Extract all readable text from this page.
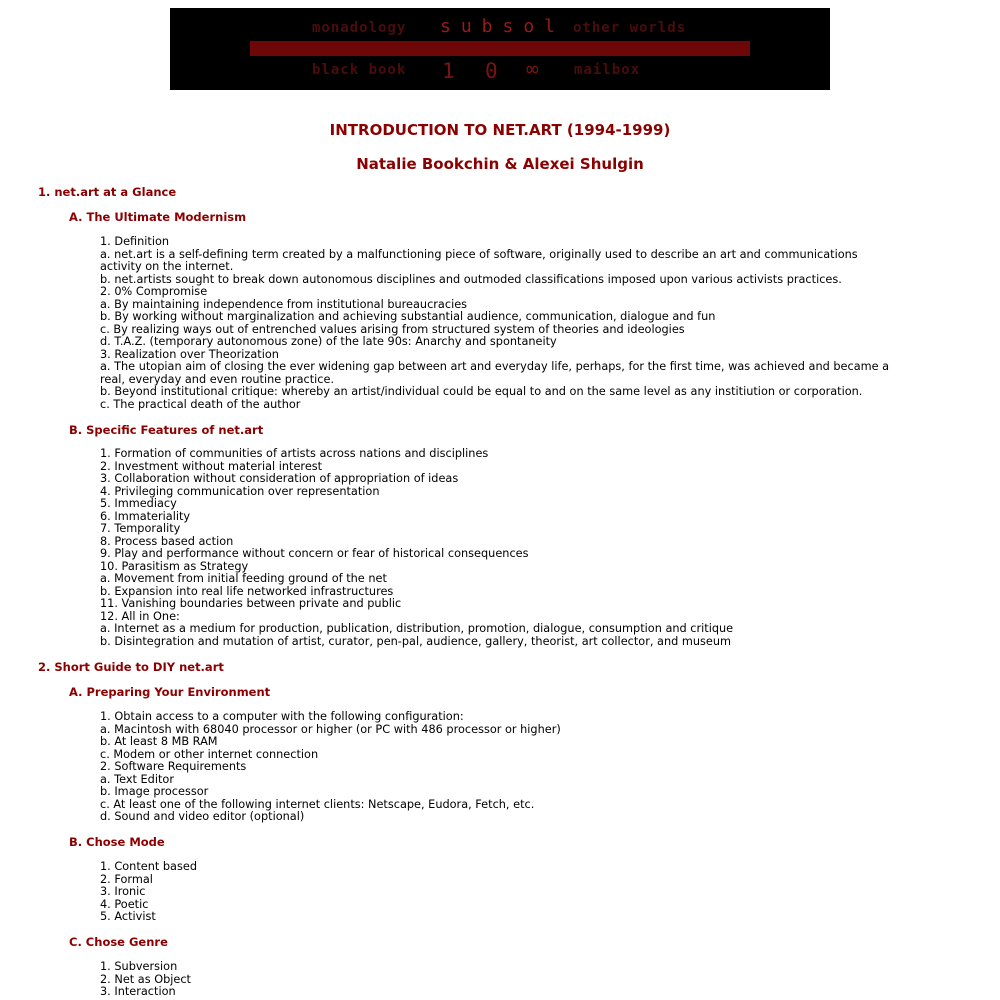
monadology subsol other worlds
black book 1 0 ∞	mailbox
INTRODUCTION TO NET.ART (1994-1999)
Natalie Bookchin & Alexei Shulgin
1. net.art at a Glance
A. The Ultimate Modernism
1. Definition
a. net.art is a self-defining term created by a malfunctioning piece of software, originally used to describe an art and communications activity on the internet.
b. net.artists sought to break down autonomous disciplines and outmoded classifications imposed upon various activists practices.
2. 0% Compromise
a. By maintaining independence from institutional bureaucracies
b. By working without marginalization and achieving substantial audience, communication, dialogue and fun
c. By realizing ways out of entrenched values arising from structured system of theories and ideologies
d. T.A.Z. (temporary autonomous zone) of the late 90s: Anarchy and spontaneity
3. Realization over Theorization
a. The utopian aim of closing the ever widening gap between art and everyday life, perhaps, for the first time, was achieved and became a real, everyday and even routine practice.
b. Beyond institutional critique: whereby an artist/individual could be equal to and on the same level as any institiution or corporation.
c. The practical death of the author
B. Specific Features of net.art
1. Formation of communities of artists across nations and disciplines
2. Investment without material interest
3. Collaboration without consideration of appropriation of ideas
4. Privileging communication over representation
5. Immediacy
6. Immateriality
7. Temporality
8. Process based action
9. Play and performance without concern or fear of historical consequences
10. Parasitism as Strategy
a. Movement from initial feeding ground of the net
b. Expansion into real life networked infrastructures
11. Vanishing boundaries between private and public
12. All in One:
a. Internet as a medium for production, publication, distribution, promotion, dialogue, consumption and critique
b. Disintegration and mutation of artist, curator, pen-pal, audience, gallery, theorist, art collector, and museum
2. Short Guide to DIY net.art
A. Preparing Your Environment
1. Obtain access to a computer with the following configuration:
a. Macintosh with 68040 processor or higher (or PC with 486 processor or higher)
b. At least 8 MB RAM
c. Modem or other internet connection
2. Software Requirements
a. Text Editor
b. Image processor
c. At least one of the following internet clients: Netscape, Eudora, Fetch, etc.
d. Sound and video editor (optional)
B. Chose Mode
1. Content based
2. Formal
3. Ironic
4. Poetic
5. Activist
C. Chose Genre
1. Subversion
2. Net as Object
3. Interaction
